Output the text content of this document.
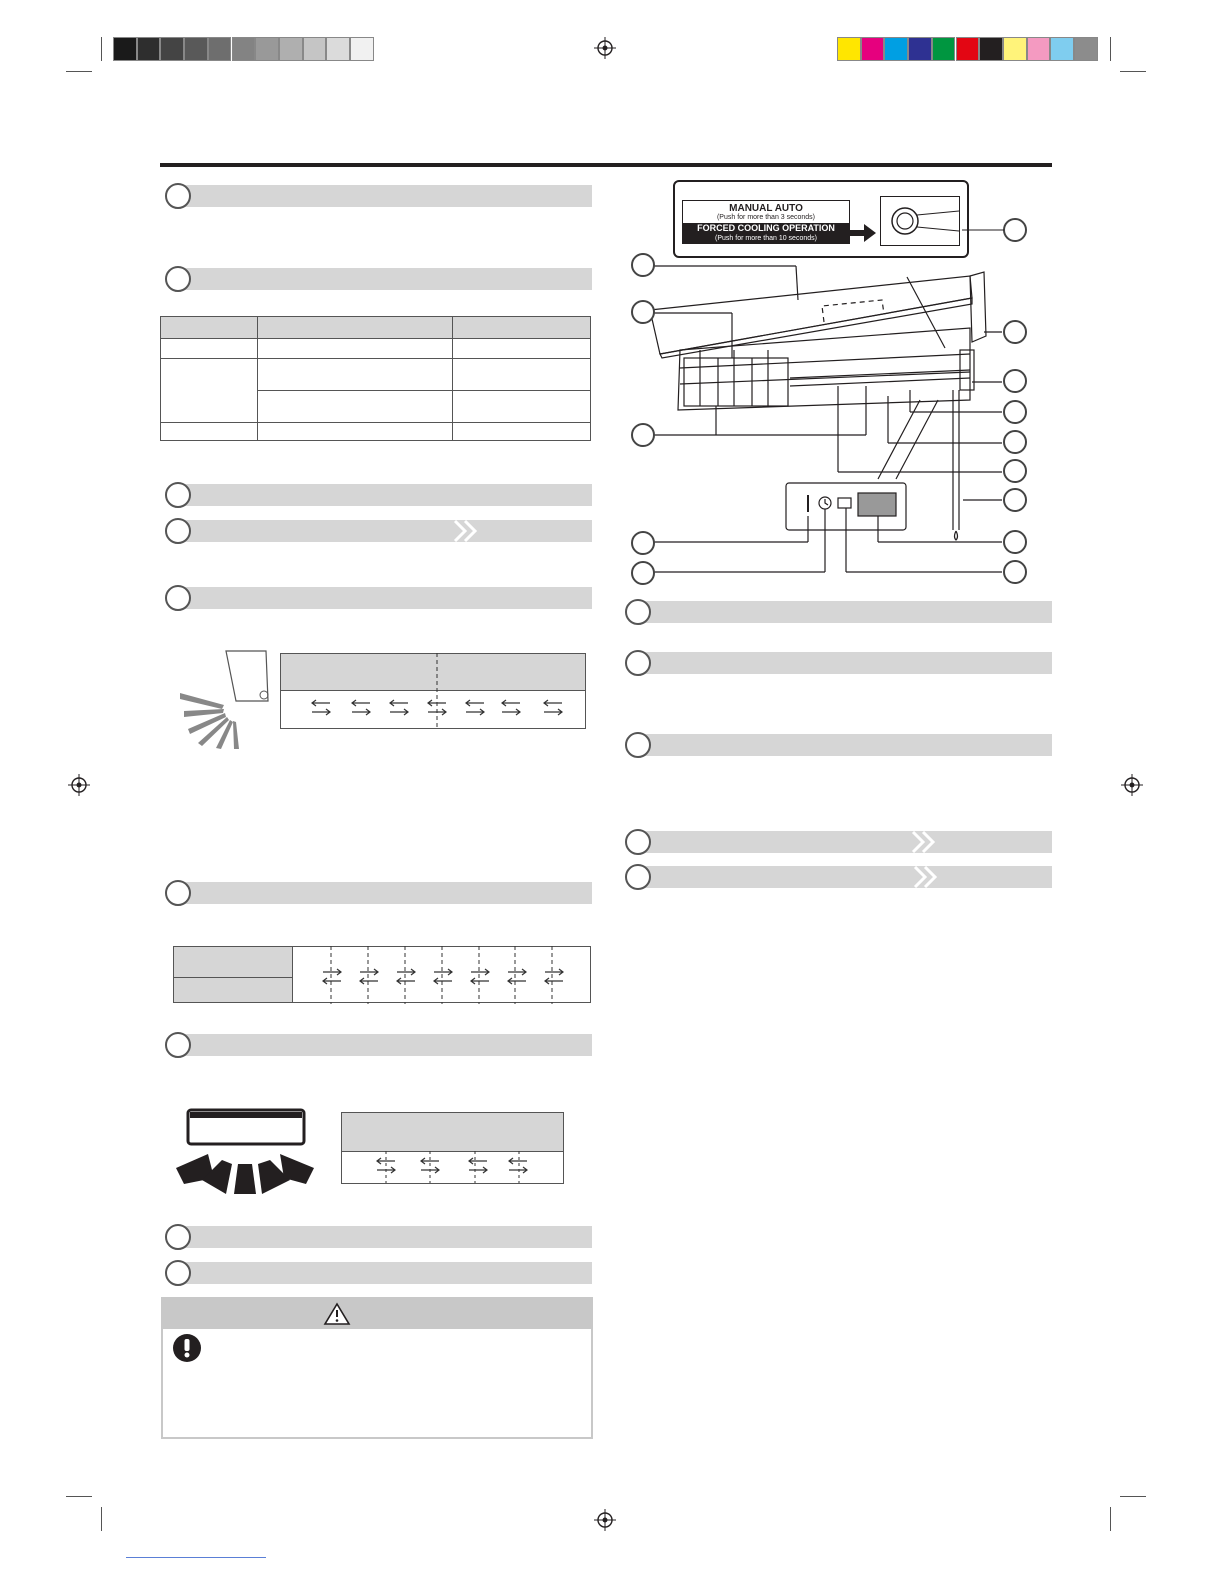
MANUAL AUTO
(Push for more than 3 seconds)
FORCED COOLING OPERATION
(Push for more than 10 seconds)
